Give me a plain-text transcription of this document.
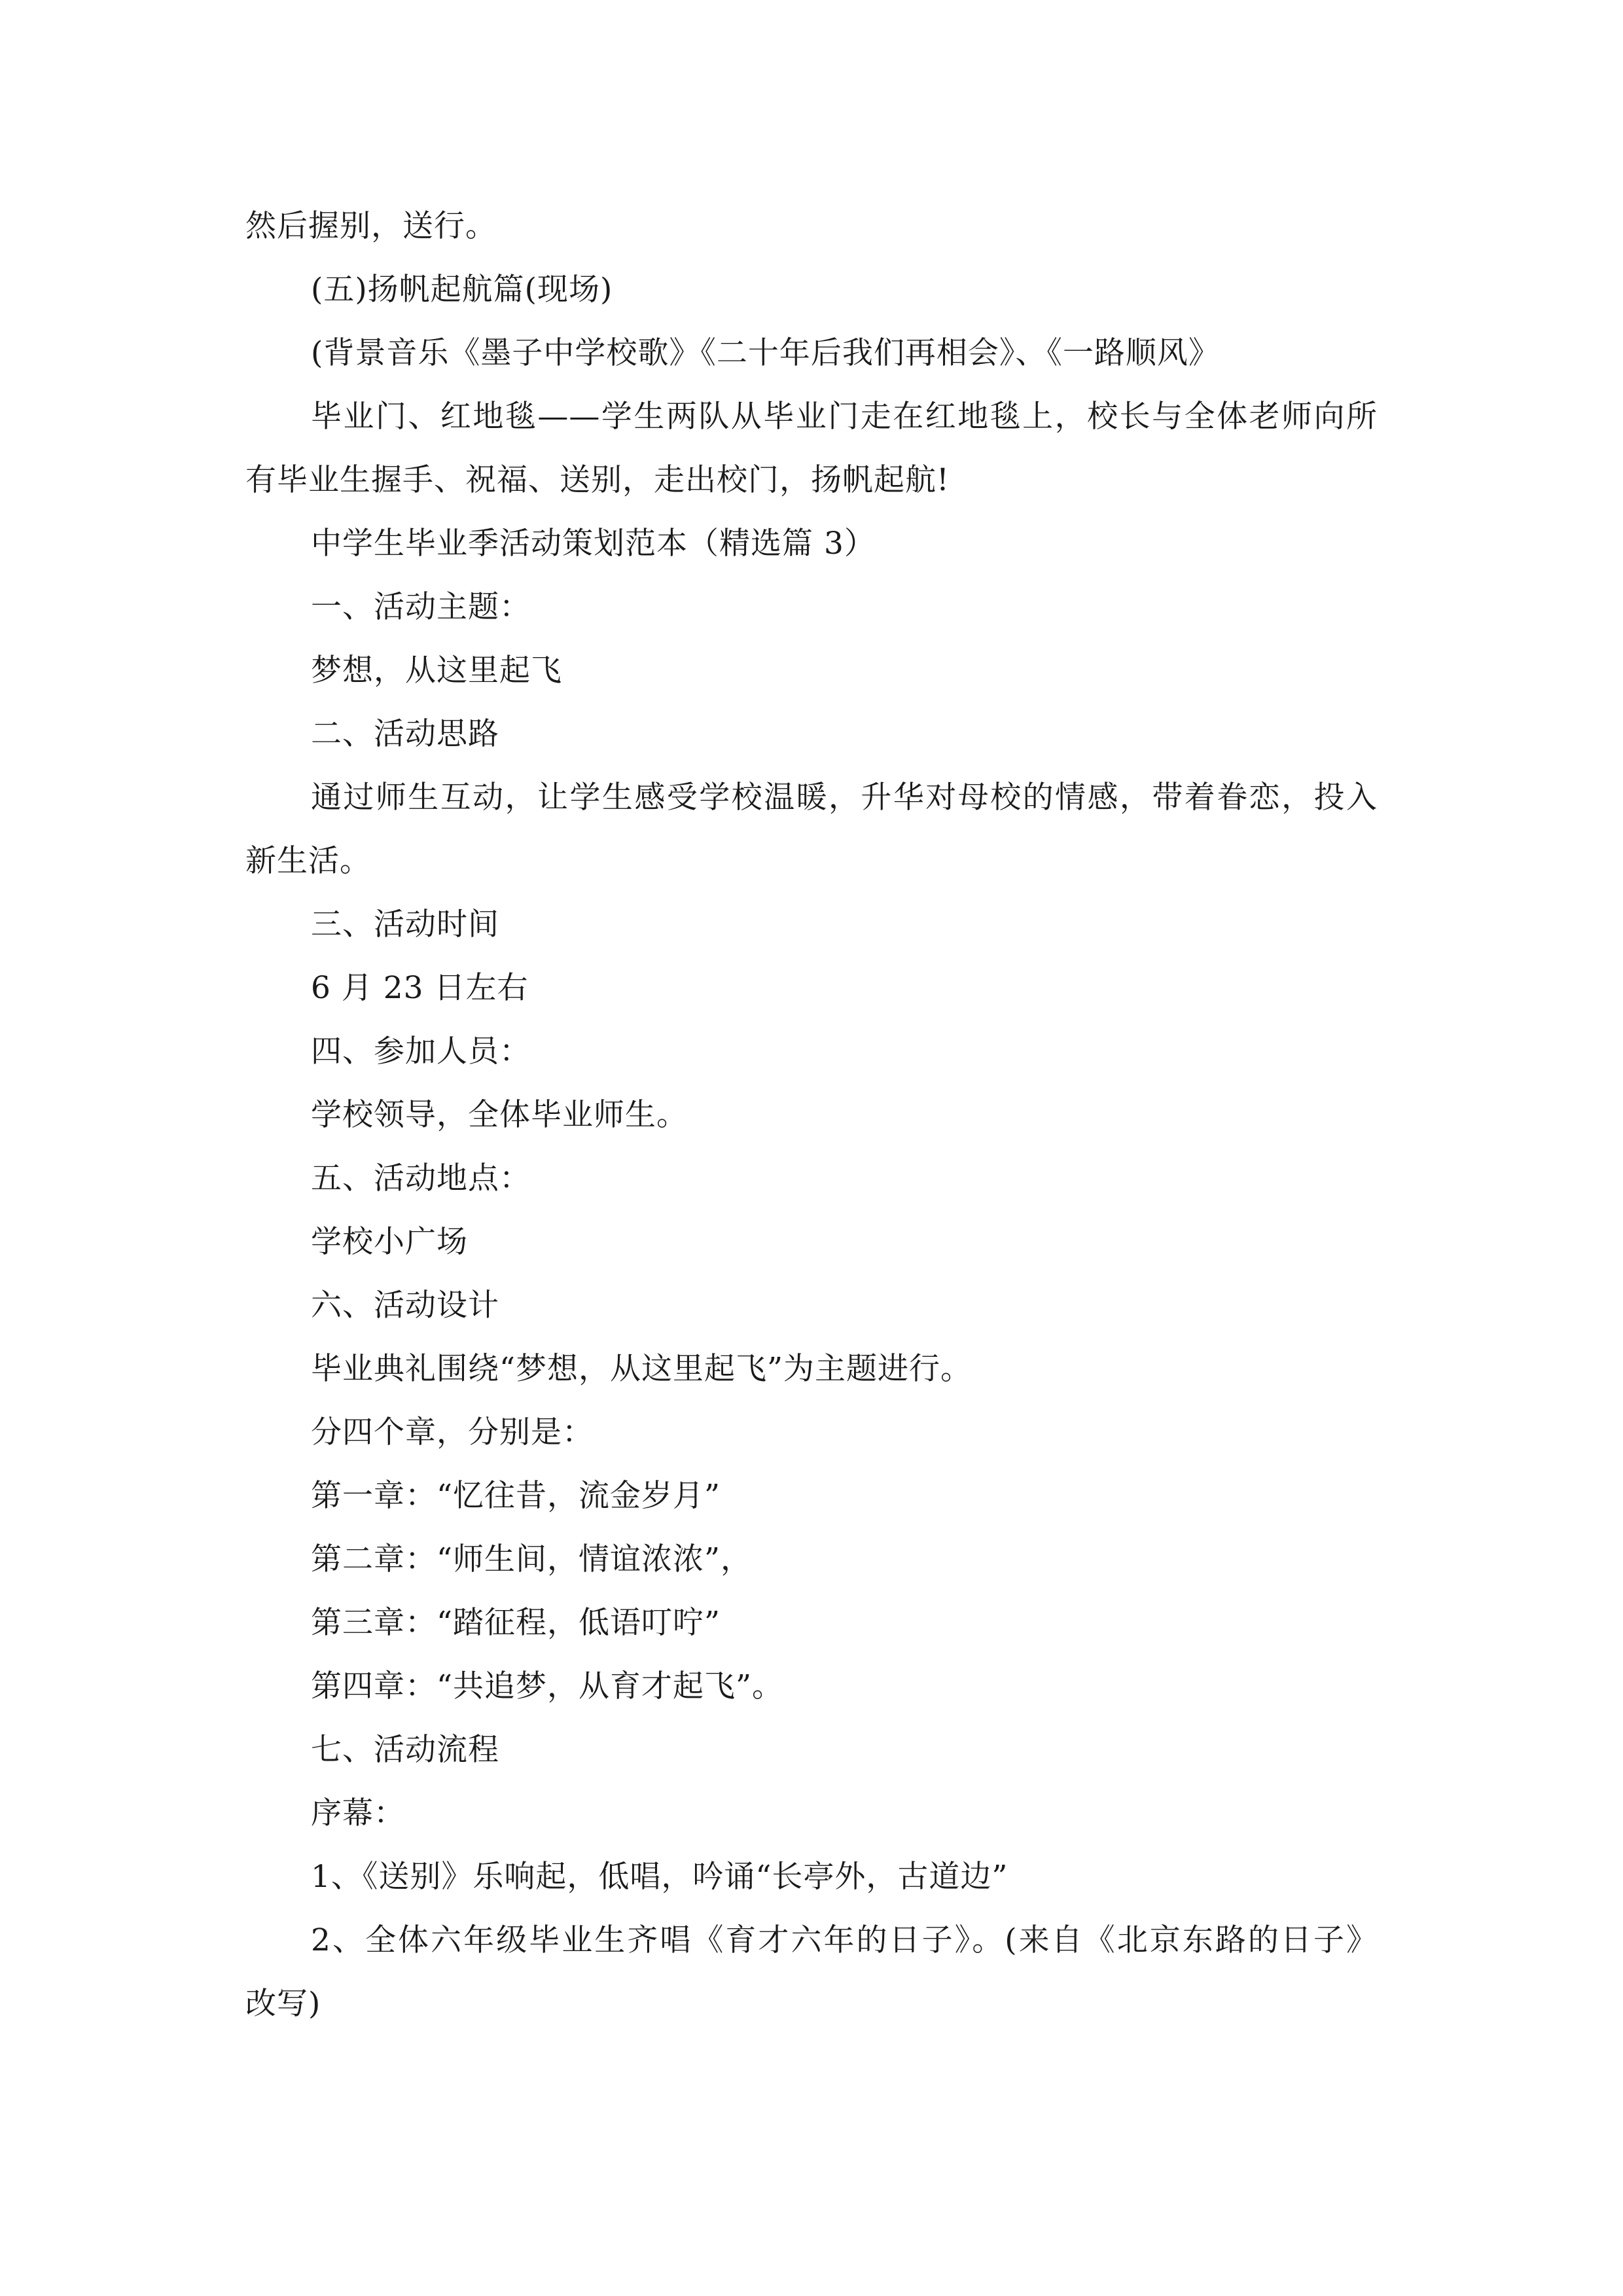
然后握别，送行。
(五)扬帆起航篇(现场)
(背景音乐《墨子中学校歌》《二十年后我们再相会》、《一路顺风》
毕业门、红地毯——学生两队从毕业门走在红地毯上，校长与全体老师向所
有毕业生握手、祝福、送别，走出校门，扬帆起航!
中学生毕业季活动策划范本（精选篇 3）
一、活动主题：
梦想，从这里起飞
二、活动思路
通过师生互动，让学生感受学校温暖，升华对母校的情感，带着眷恋，投入
新生活。
三、活动时间
6 月 23 日左右
四、参加人员：
学校领导，全体毕业师生。
五、活动地点：
学校小广场
六、活动设计
毕业典礼围绕“梦想，从这里起飞”为主题进行。
分四个章，分别是：
第一章：“忆往昔，流金岁月”
第二章：“师生间，情谊浓浓”，
第三章：“踏征程，低语叮咛”
第四章：“共追梦，从育才起飞”。
七、活动流程
序幕：
1、《送别》乐响起，低唱，吟诵“长亭外，古道边”
2、全体六年级毕业生齐唱《育才六年的日子》。(来自《北京东路的日子》
改写)
